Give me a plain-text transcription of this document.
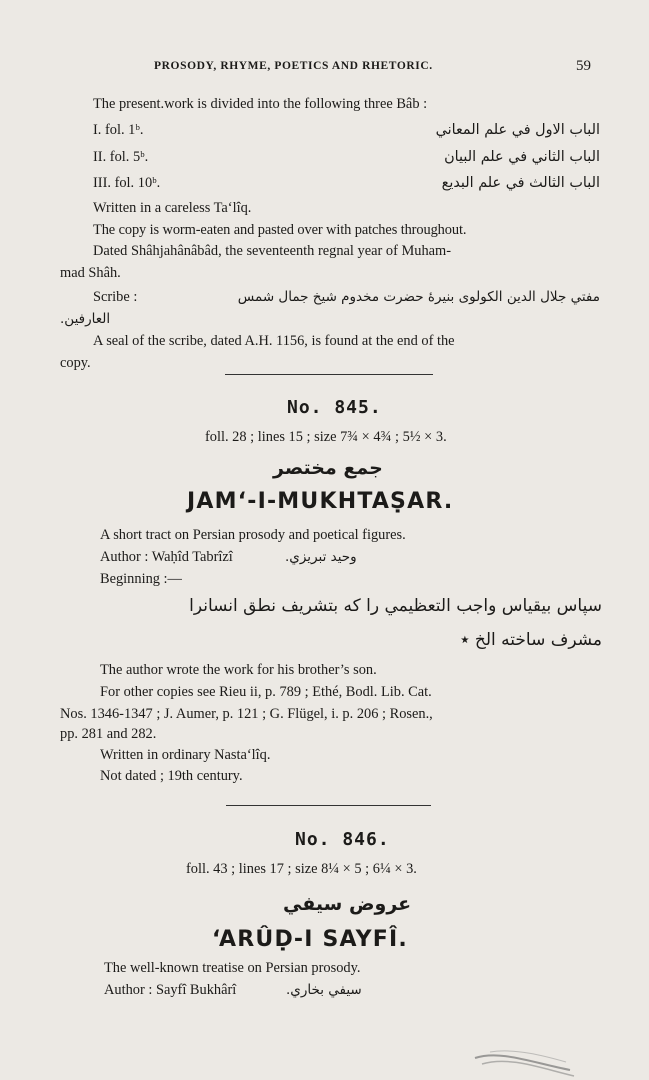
PROSODY, RHYME, POETICS AND RHETORIC.	59
The present.work is divided into the following three Bâb :
I. fol. 1ᵇ.	الباب الاول في علم المعاني
II. fol. 5ᵇ.	الباب الثاني في علم البيان
III. fol. 10ᵇ.	الباب الثالث في علم البديع
Written in a careless Ta‘lîq.
The copy is worm-eaten and pasted over with patches throughout.
Dated Shâhjahânâbâd, the seventeenth regnal year of Muham-
mad Shâh.
Scribe :	مفتي جلال الدين الكولوى بنيرهٔ حضرت مخدوم شيخ جمال شمس
العارفين.
A seal of the scribe, dated A.H. 1156, is found at the end of the
copy.
No. 845.
foll. 28 ; lines 15 ; size 7¾ × 4¾ ; 5½ × 3.
جمع مختصر
JAM‘-I-MUKHTAṢAR.
A short tract on Persian prosody and poetical figures.
Author : Waḥîd Tabrîzî	وحيد تبريزي.
Beginning :—
سپاس بيقياس واجب التعظيمي را كه بتشريف نطق انسانرا
مشرف ساخته الخ ٭
The author wrote the work for his brother’s son.
For other copies see Rieu ii, p. 789 ; Ethé, Bodl. Lib. Cat.
Nos. 1346-1347 ; J. Aumer, p. 121 ; G. Flügel, i. p. 206 ; Rosen.,
pp. 281 and 282.
Written in ordinary Nasta‘lîq.
Not dated ; 19th century.
No. 846.
foll. 43 ; lines 17 ; size 8¼ × 5 ; 6¼ × 3.
عروض سيفي
‘ARÛḌ-I SAYFÎ.
The well-known treatise on Persian prosody.
Author : Sayfî Bukhârî	سيفي بخاري.
